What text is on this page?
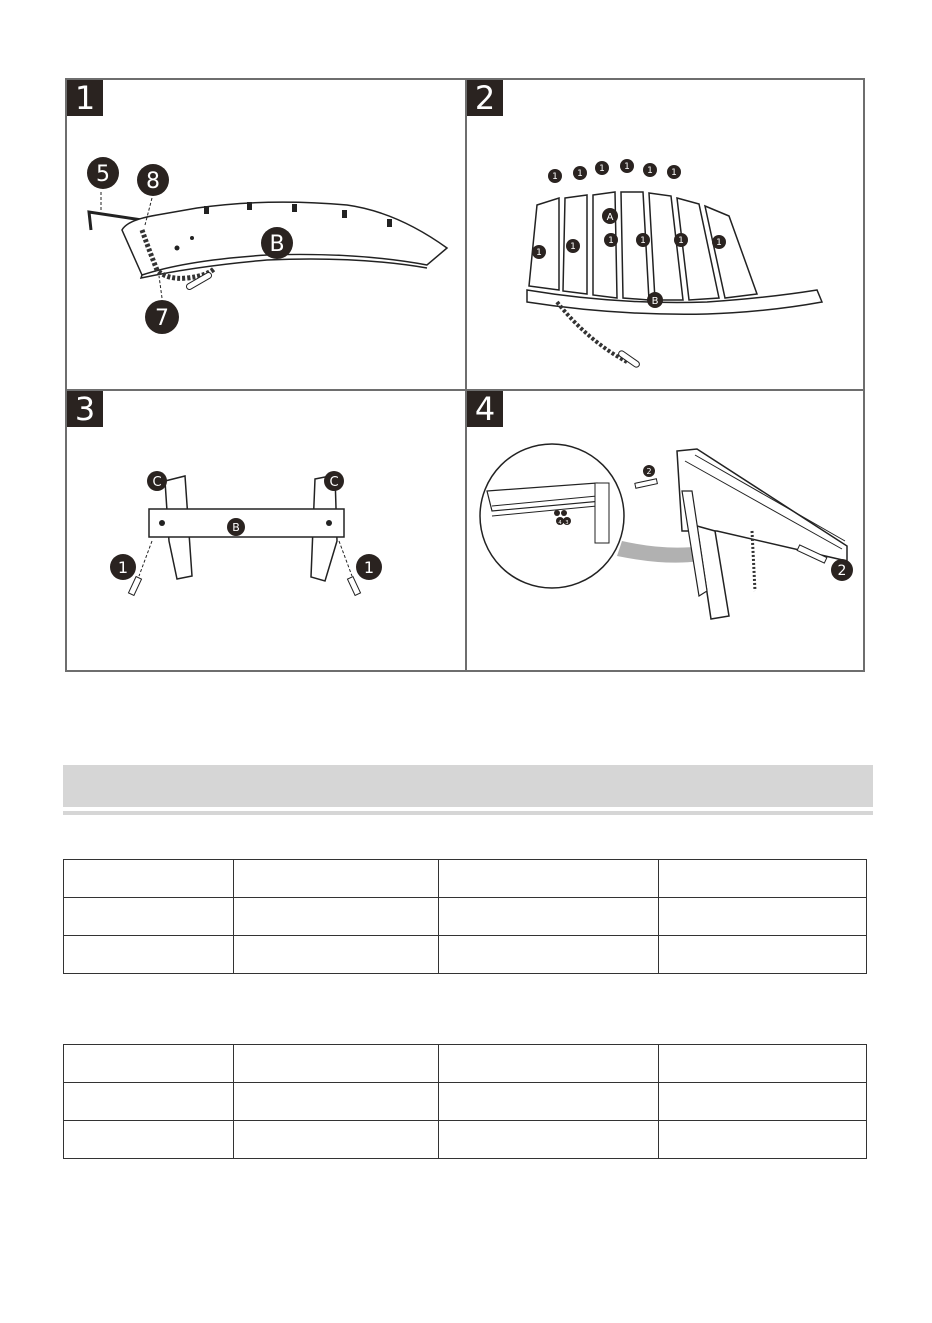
1
5 8
7
B
2
1 1 1 1 1 1
1
1
1	1	1	1
A
B
3
C	C
B
1	1
4
4 3
2
2
